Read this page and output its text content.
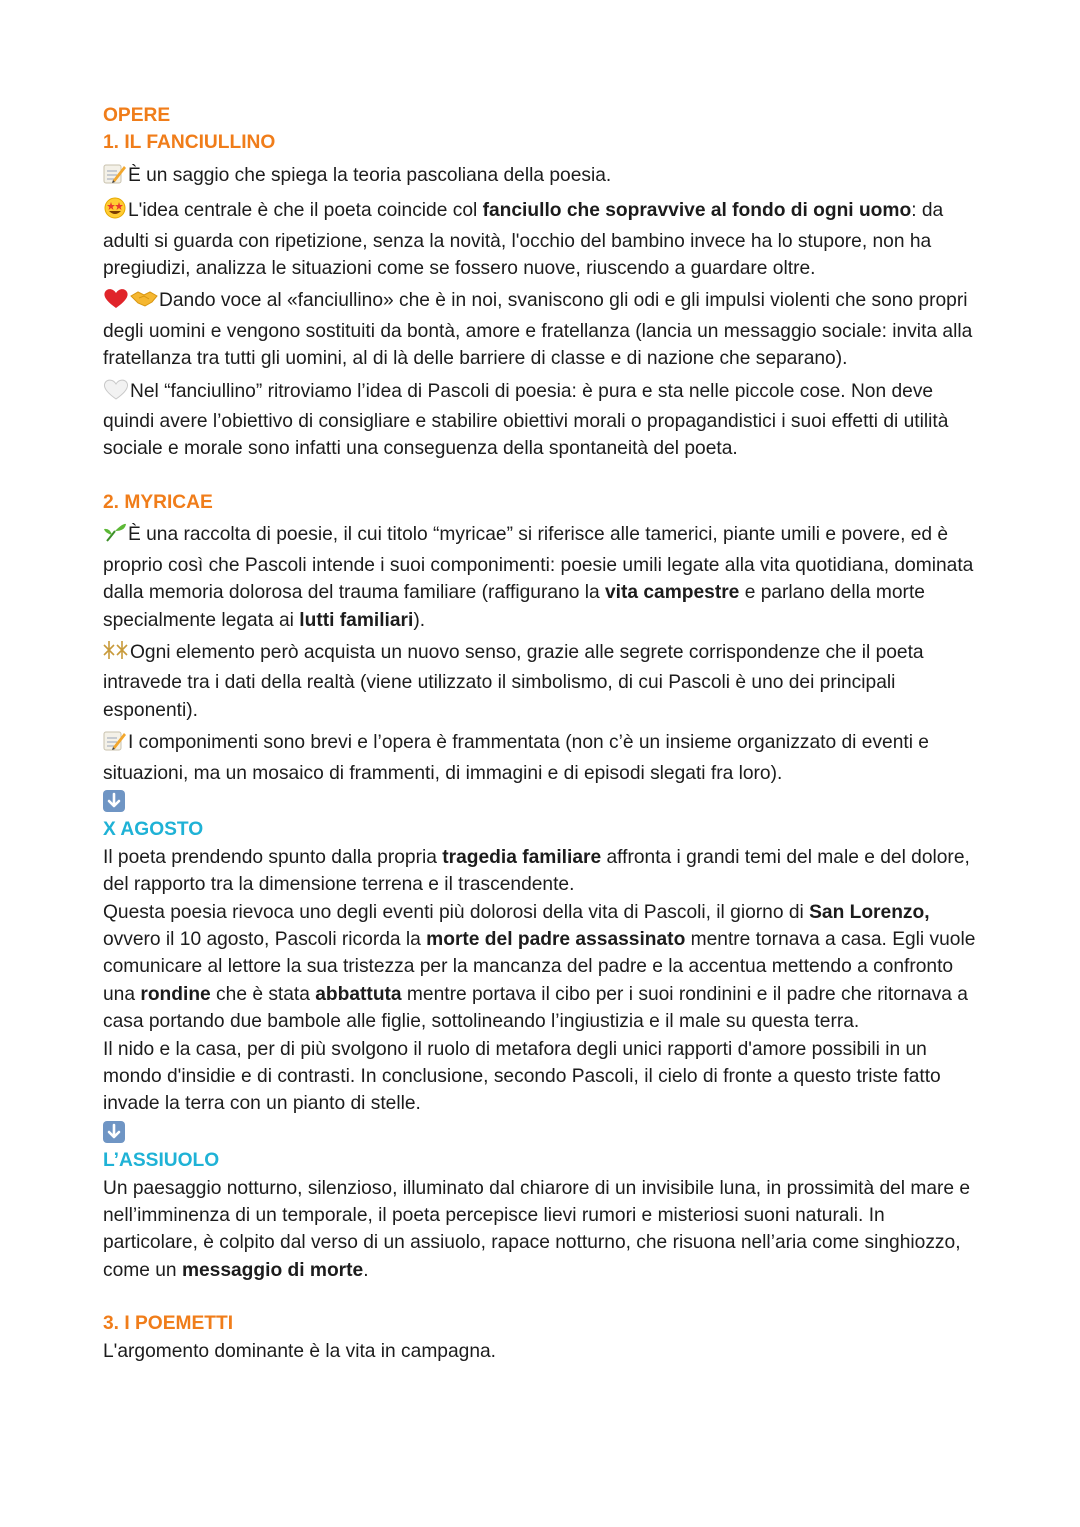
OPERE
1. IL FANCIULLINO

È un saggio che spiega la teoria pascoliana della poesia.

L'idea centrale è che il poeta coincide col fanciullo che sopravvive al fondo di ogni uomo: da adulti si guarda con ripetizione, senza la novità, l'occhio del bambino invece ha lo stupore, non ha pregiudizi, analizza le situazioni come se fossero nuove, riuscendo a guardare oltre.

Dando voce al «fanciullino» che è in noi, svaniscono gli odi e gli impulsi violenti che sono propri degli uomini e vengono sostituiti da bontà, amore e fratellanza (lancia un messaggio sociale: invita alla fratellanza tra tutti gli uomini, al di là delle barriere di classe e di nazione che separano).

Nel “fanciullino” ritroviamo l’idea di Pascoli di poesia: è pura e sta nelle piccole cose. Non deve quindi avere l’obiettivo di consigliare e stabilire obiettivi morali o propagandistici i suoi effetti di utilità sociale e morale sono infatti una conseguenza della spontaneità del poeta.

2. MYRICAE

È una raccolta di poesie, il cui titolo “myricae” si riferisce alle tamerici, piante umili e povere, ed è proprio così che Pascoli intende i suoi componimenti: poesie umili legate alla vita quotidiana, dominata dalla memoria dolorosa del trauma familiare (raffigurano la vita campestre e parlano della morte specialmente legata ai lutti familiari).

Ogni elemento però acquista un nuovo senso, grazie alle segrete corrispondenze che il poeta intravede tra i dati della realtà (viene utilizzato il simbolismo, di cui Pascoli è uno dei principali esponenti).

I componimenti sono brevi e l’opera è frammentata (non c’è un insieme organizzato di eventi e situazioni, ma un mosaico di frammenti, di immagini e di episodi slegati fra loro).

X AGOSTO

Il poeta prendendo spunto dalla propria tragedia familiare affronta i grandi temi del male e del dolore, del rapporto tra la dimensione terrena e il trascendente.

Questa poesia rievoca uno degli eventi più dolorosi della vita di Pascoli, il giorno di San Lorenzo, ovvero il 10 agosto, Pascoli ricorda la morte del padre assassinato mentre tornava a casa. Egli vuole comunicare al lettore la sua tristezza per la mancanza del padre e la accentua mettendo a confronto una rondine che è stata abbattuta mentre portava il cibo per i suoi rondinini e il padre che ritornava a casa portando due bambole alle figlie, sottolineando l’ingiustizia e il male su questa terra.

Il nido e la casa, per di più svolgono il ruolo di metafora degli unici rapporti d'amore possibili in un mondo d'insidie e di contrasti. In conclusione, secondo Pascoli, il cielo di fronte a questo triste fatto invade la terra con un pianto di stelle.

L’ASSIUOLO

Un paesaggio notturno, silenzioso, illuminato dal chiarore di un invisibile luna, in prossimità del mare e nell’imminenza di un temporale, il poeta percepisce lievi rumori e misteriosi suoni naturali. In particolare, è colpito dal verso di un assiuolo, rapace notturno, che risuona nell’aria come singhiozzo, come un messaggio di morte.

3. I POEMETTI

L'argomento dominante è la vita in campagna.
